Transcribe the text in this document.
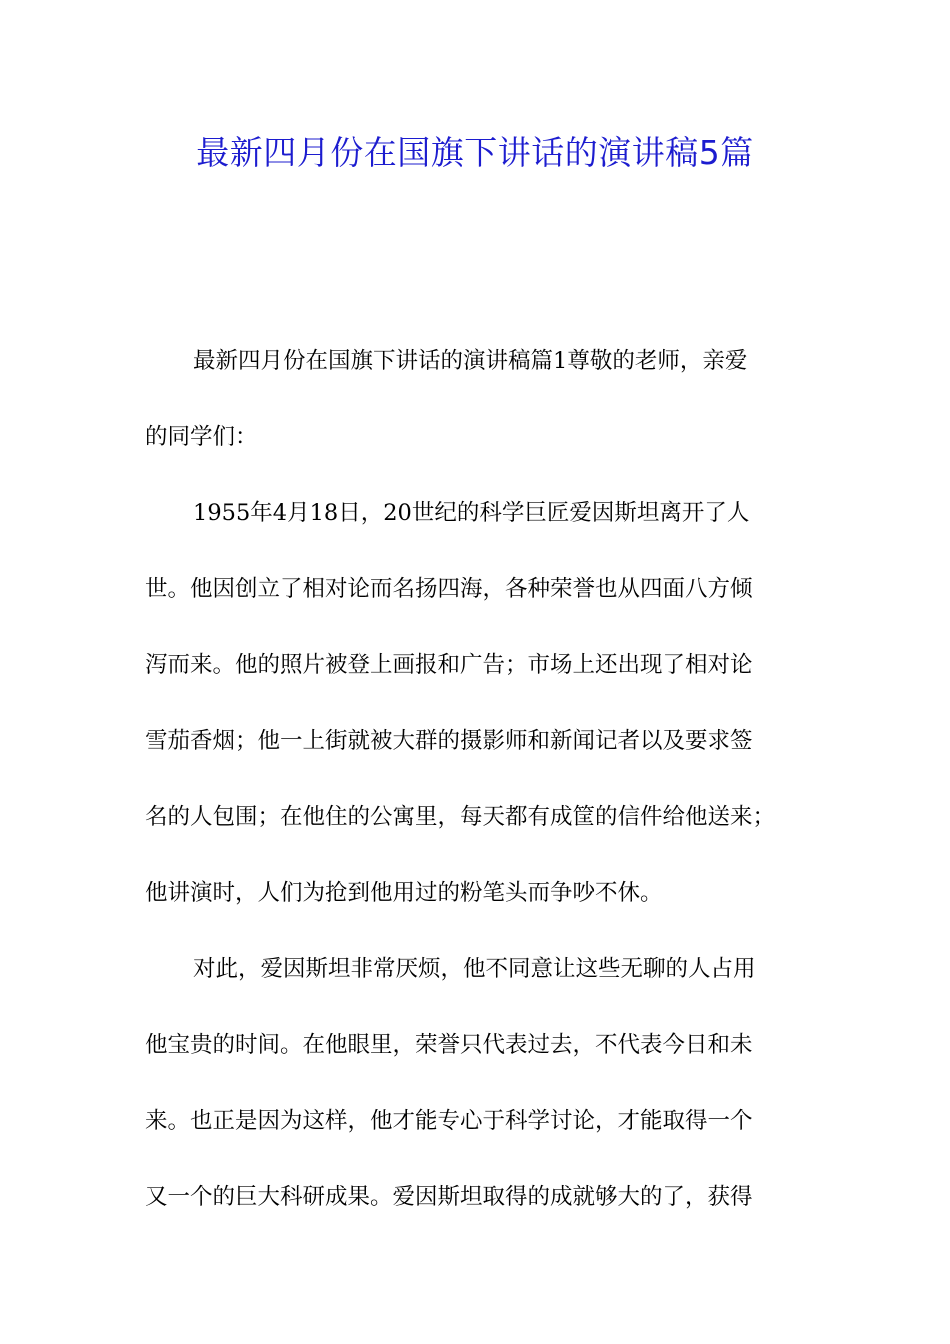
最新四月份在国旗下讲话的演讲稿5篇
最新四月份在国旗下讲话的演讲稿篇1尊敬的老师，亲爱
的同学们：
1955年4月18日，20世纪的科学巨匠爱因斯坦离开了人
世。他因创立了相对论而名扬四海，各种荣誉也从四面八方倾
泻而来。他的照片被登上画报和广告；市场上还出现了相对论
雪茄香烟；他一上街就被大群的摄影师和新闻记者以及要求签
名的人包围；在他住的公寓里，每天都有成筐的信件给他送来；
他讲演时，人们为抢到他用过的粉笔头而争吵不休。
对此，爱因斯坦非常厌烦，他不同意让这些无聊的人占用
他宝贵的时间。在他眼里，荣誉只代表过去，不代表今日和未
来。也正是因为这样，他才能专心于科学讨论，才能取得一个
又一个的巨大科研成果。爱因斯坦取得的成就够大的了，获得
